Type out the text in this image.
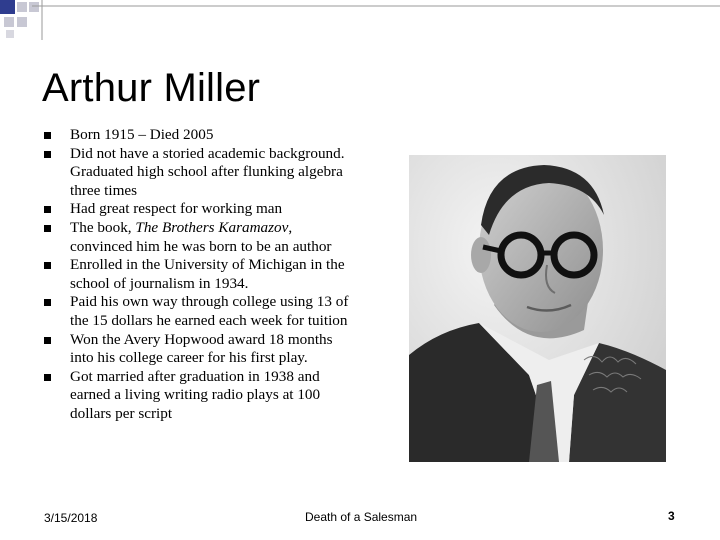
Arthur Miller
Born 1915 – Died 2005
Did not have a storied academic background. Graduated high school after flunking algebra three times
Had great respect for working man
The book, The Brothers Karamazov, convinced him he was born to be an author
Enrolled in the University of Michigan in the school of journalism in 1934.
Paid his own way through college using 13 of the 15 dollars he earned each week for tuition
Won the Avery Hopwood award 18 months into his college career for his first play.
Got married after graduation in 1938 and earned a living writing radio plays at 100 dollars per script
3/15/2018	Death of a Salesman	3
